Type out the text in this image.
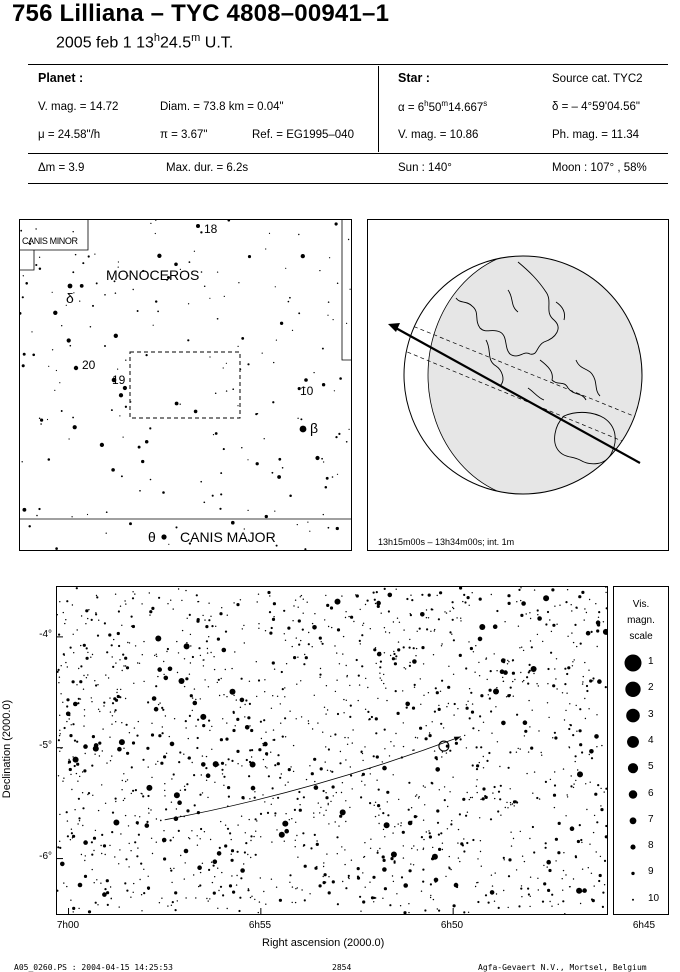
756 Lilliana – TYC 4808–00941–1
2005 feb 1 13$^h$24.5$^m$ U.T.
Planet :
V. mag. = 14.72	Diam. = 73.8 km = 0.04"
μ = 24.58"/h	π = 3.67"	Ref. = EG1995–040
Star :	Source cat. TYC2
$\alpha = 6^h50^m14.667^s$	δ = – 4°59'04.56"
V. mag. = 10.86	Ph. mag. = 11.34
Δm = 3.9	Max. dur. = 6.2s	Sun : 140°	Moon : 107° , 58%
CANIS MINOR
MONOCEROS
CANIS MAJOR
18
20
19
10
δ
β
θ	13h15m00s – 13h34m00s; int. 1m
7h00	6h55	6h50	6h45
-4°
-5°
-6°
Right ascension (2000.0)
Declination (2000.0)
Vis.
magn.
scale
1
2
3
4
5
6
7
8
9
10
A05_0260.PS : 2004-04-15 14:25:53	2854	Agfa-Gevaert N.V., Mortsel, Belgium
